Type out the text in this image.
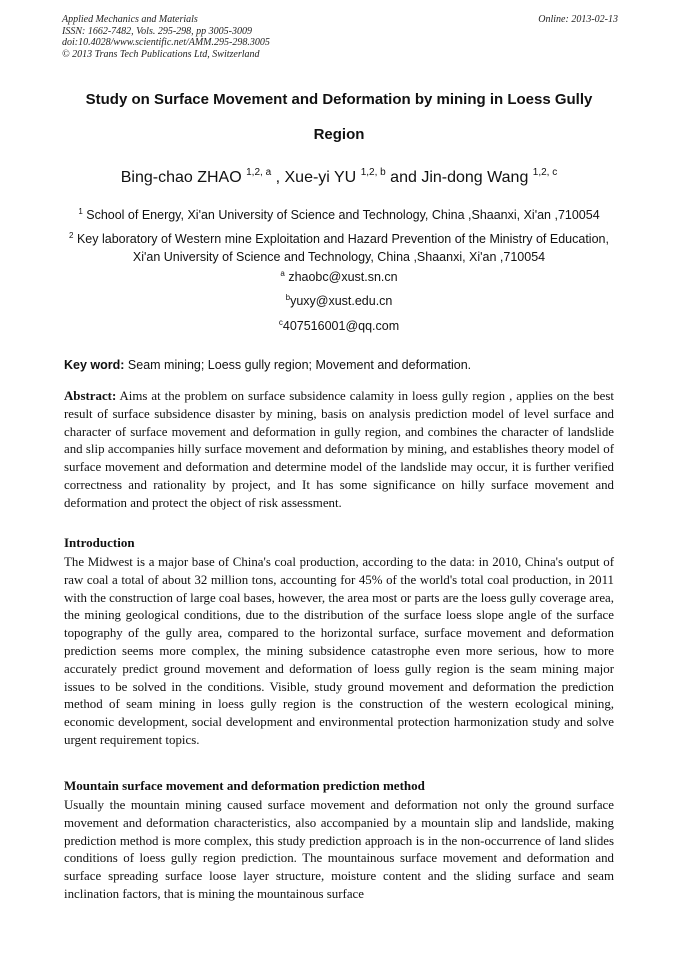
Applied Mechanics and Materials
ISSN: 1662-7482, Vols. 295-298, pp 3005-3009
doi:10.4028/www.scientific.net/AMM.295-298.3005
© 2013 Trans Tech Publications Ltd, Switzerland
Online: 2013-02-13
Study on Surface Movement and Deformation by mining in Loess Gully
Region
Bing-chao ZHAO $^{1,2, a}$ , Xue-yi YU $^{1,2, b}$ and Jin-dong Wang $^{1,2, c}$
$^1$ School of Energy, Xi'an University of Science and Technology, China ,Shaanxi, Xi'an ,710054
$^2$ Key laboratory of Western mine Exploitation and Hazard Prevention of the Ministry of Education,
Xi'an University of Science and Technology, China ,Shaanxi, Xi'an ,710054
$^a$ zhaobc@xust.sn.cn
$^b$yuxy@xust.edu.cn
$^c$407516001@qq.com
Key word: Seam mining; Loess gully region; Movement and deformation.
Abstract: Aims at the problem on surface subsidence calamity in loess gully region , applies on the best result of surface subsidence disaster by mining, basis on analysis prediction model of level surface and character of surface movement and deformation in gully region, and combines the character of landslide and slip accompanies hilly surface movement and deformation by mining, and establishes theory model of surface movement and deformation and determine model of the landslide may occur, it is further verified correctness and rationality by project, and It has some significance on hilly surface movement and deformation and protect the object of risk assessment.
Introduction
The Midwest is a major base of China's coal production, according to the data: in 2010, China's output of raw coal a total of about 32 million tons, accounting for 45% of the world's total coal production, in 2011 with the construction of large coal bases, however, the area most or parts are the loess gully coverage area, the mining geological conditions, due to the distribution of the surface loess slope angle of the surface topography of the gully area, compared to the horizontal surface, surface movement and deformation prediction seems more complex, the mining subsidence catastrophe even more serious, how to more accurately predict ground movement and deformation of loess gully region is the seam mining major issues to be solved in the conditions. Visible, study ground movement and deformation the prediction method of seam mining in loess gully region is the construction of the western ecological mining, economic development, social development and environmental protection harmonization study and solve urgent requirement topics.
Mountain surface movement and deformation prediction method
Usually the mountain mining caused surface movement and deformation not only the ground surface movement and deformation characteristics, also accompanied by a mountain slip and landslide, making prediction method is more complex, this study prediction approach is in the non-occurrence of land slides conditions of loess gully region prediction. The mountainous surface movement and deformation and surface spreading surface loose layer structure, moisture content and the sliding surface and seam inclination factors, that is mining the mountainous surface
